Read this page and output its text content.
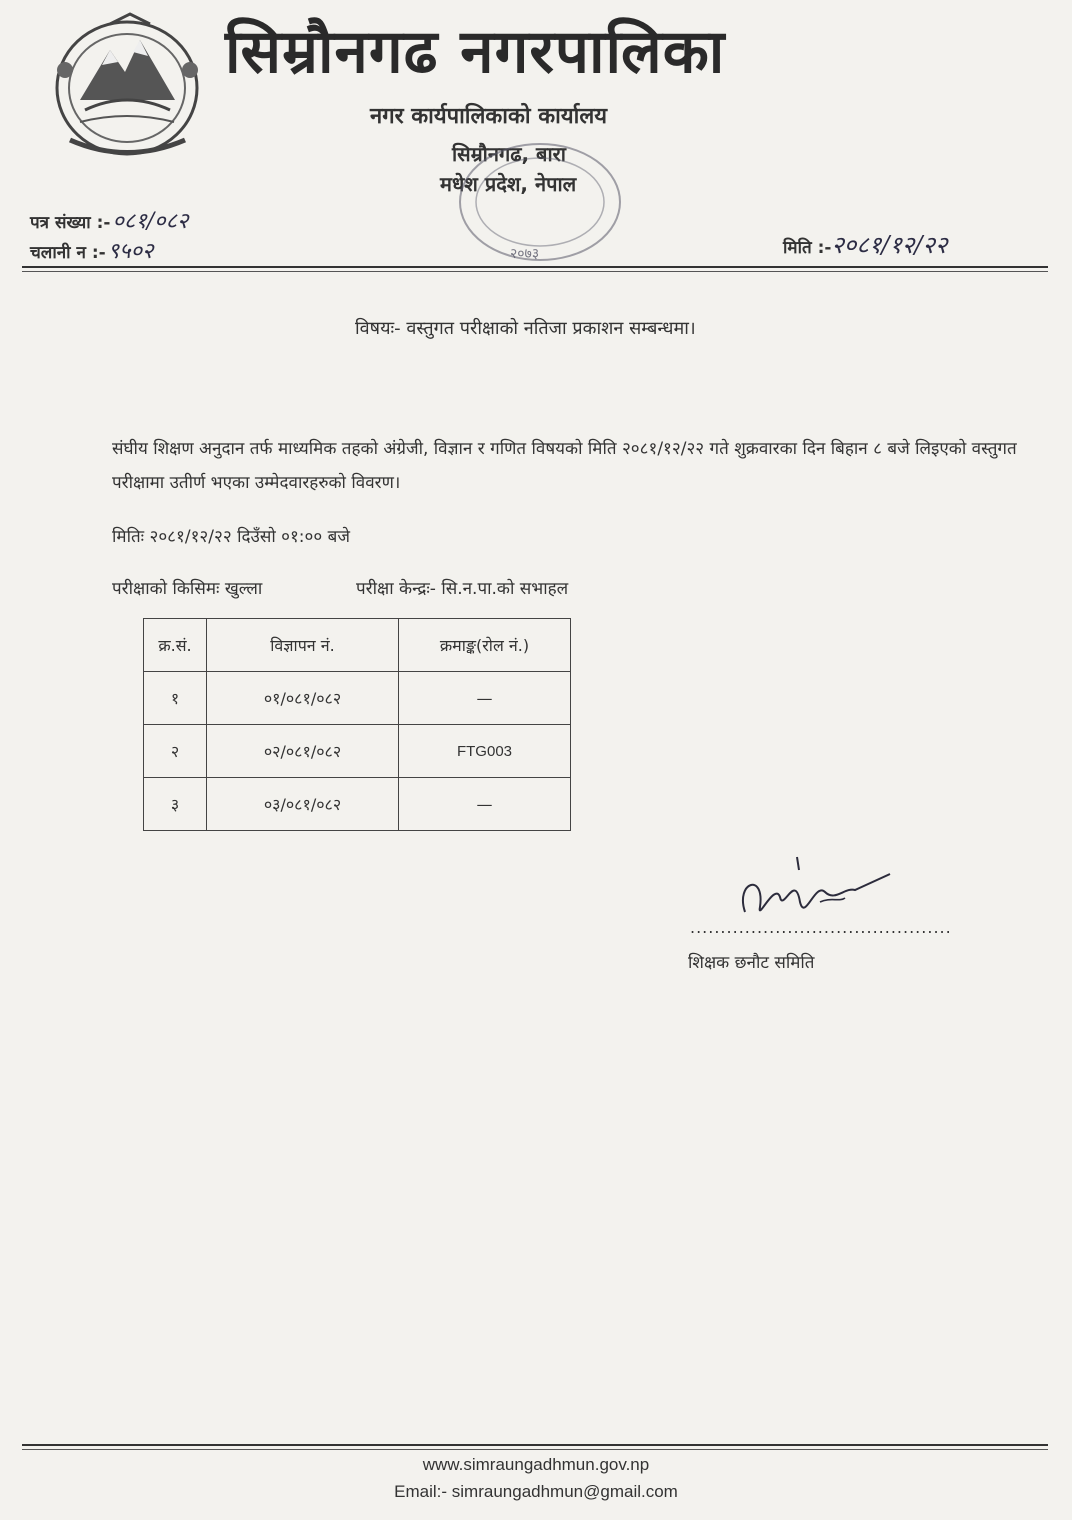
सिम्रौनगढ नगरपालिका
नगर कार्यपालिकाको कार्यालय
सिम्रौनगढ, बारा
मधेश प्रदेश, नेपाल
२०७३
पत्र संख्या :-०८१/०८२
चलानी न :-९५०२	मिति :-२०८१/१२/२२
विषयः- वस्तुगत परीक्षाको नतिजा प्रकाशन सम्बन्धमा।
संघीय शिक्षण अनुदान तर्फ माध्यमिक तहको अंग्रेजी, विज्ञान र गणित विषयको मिति २०८१/१२/२२ गते शुक्रवारका दिन बिहान ८ बजे लिइएको वस्तुगत परीक्षामा उतीर्ण भएका उम्मेदवारहरुको विवरण।
मितिः २०८१/१२/२२ दिउँसो ०१:०० बजे
परीक्षाको किसिमः खुल्ला	परीक्षा केन्द्रः- सि.न.पा.को सभाहल
क्र.सं.	विज्ञापन नं.	क्रमाङ्क(रोल नं.)
१	०१/०८१/०८२	—
२	०२/०८१/०८२	FTG003
३	०३/०८१/०८२	—
...........................................
शिक्षक छनौट समिति
www.simraungadhmun.gov.np
Email:- simraungadhmun@gmail.com
